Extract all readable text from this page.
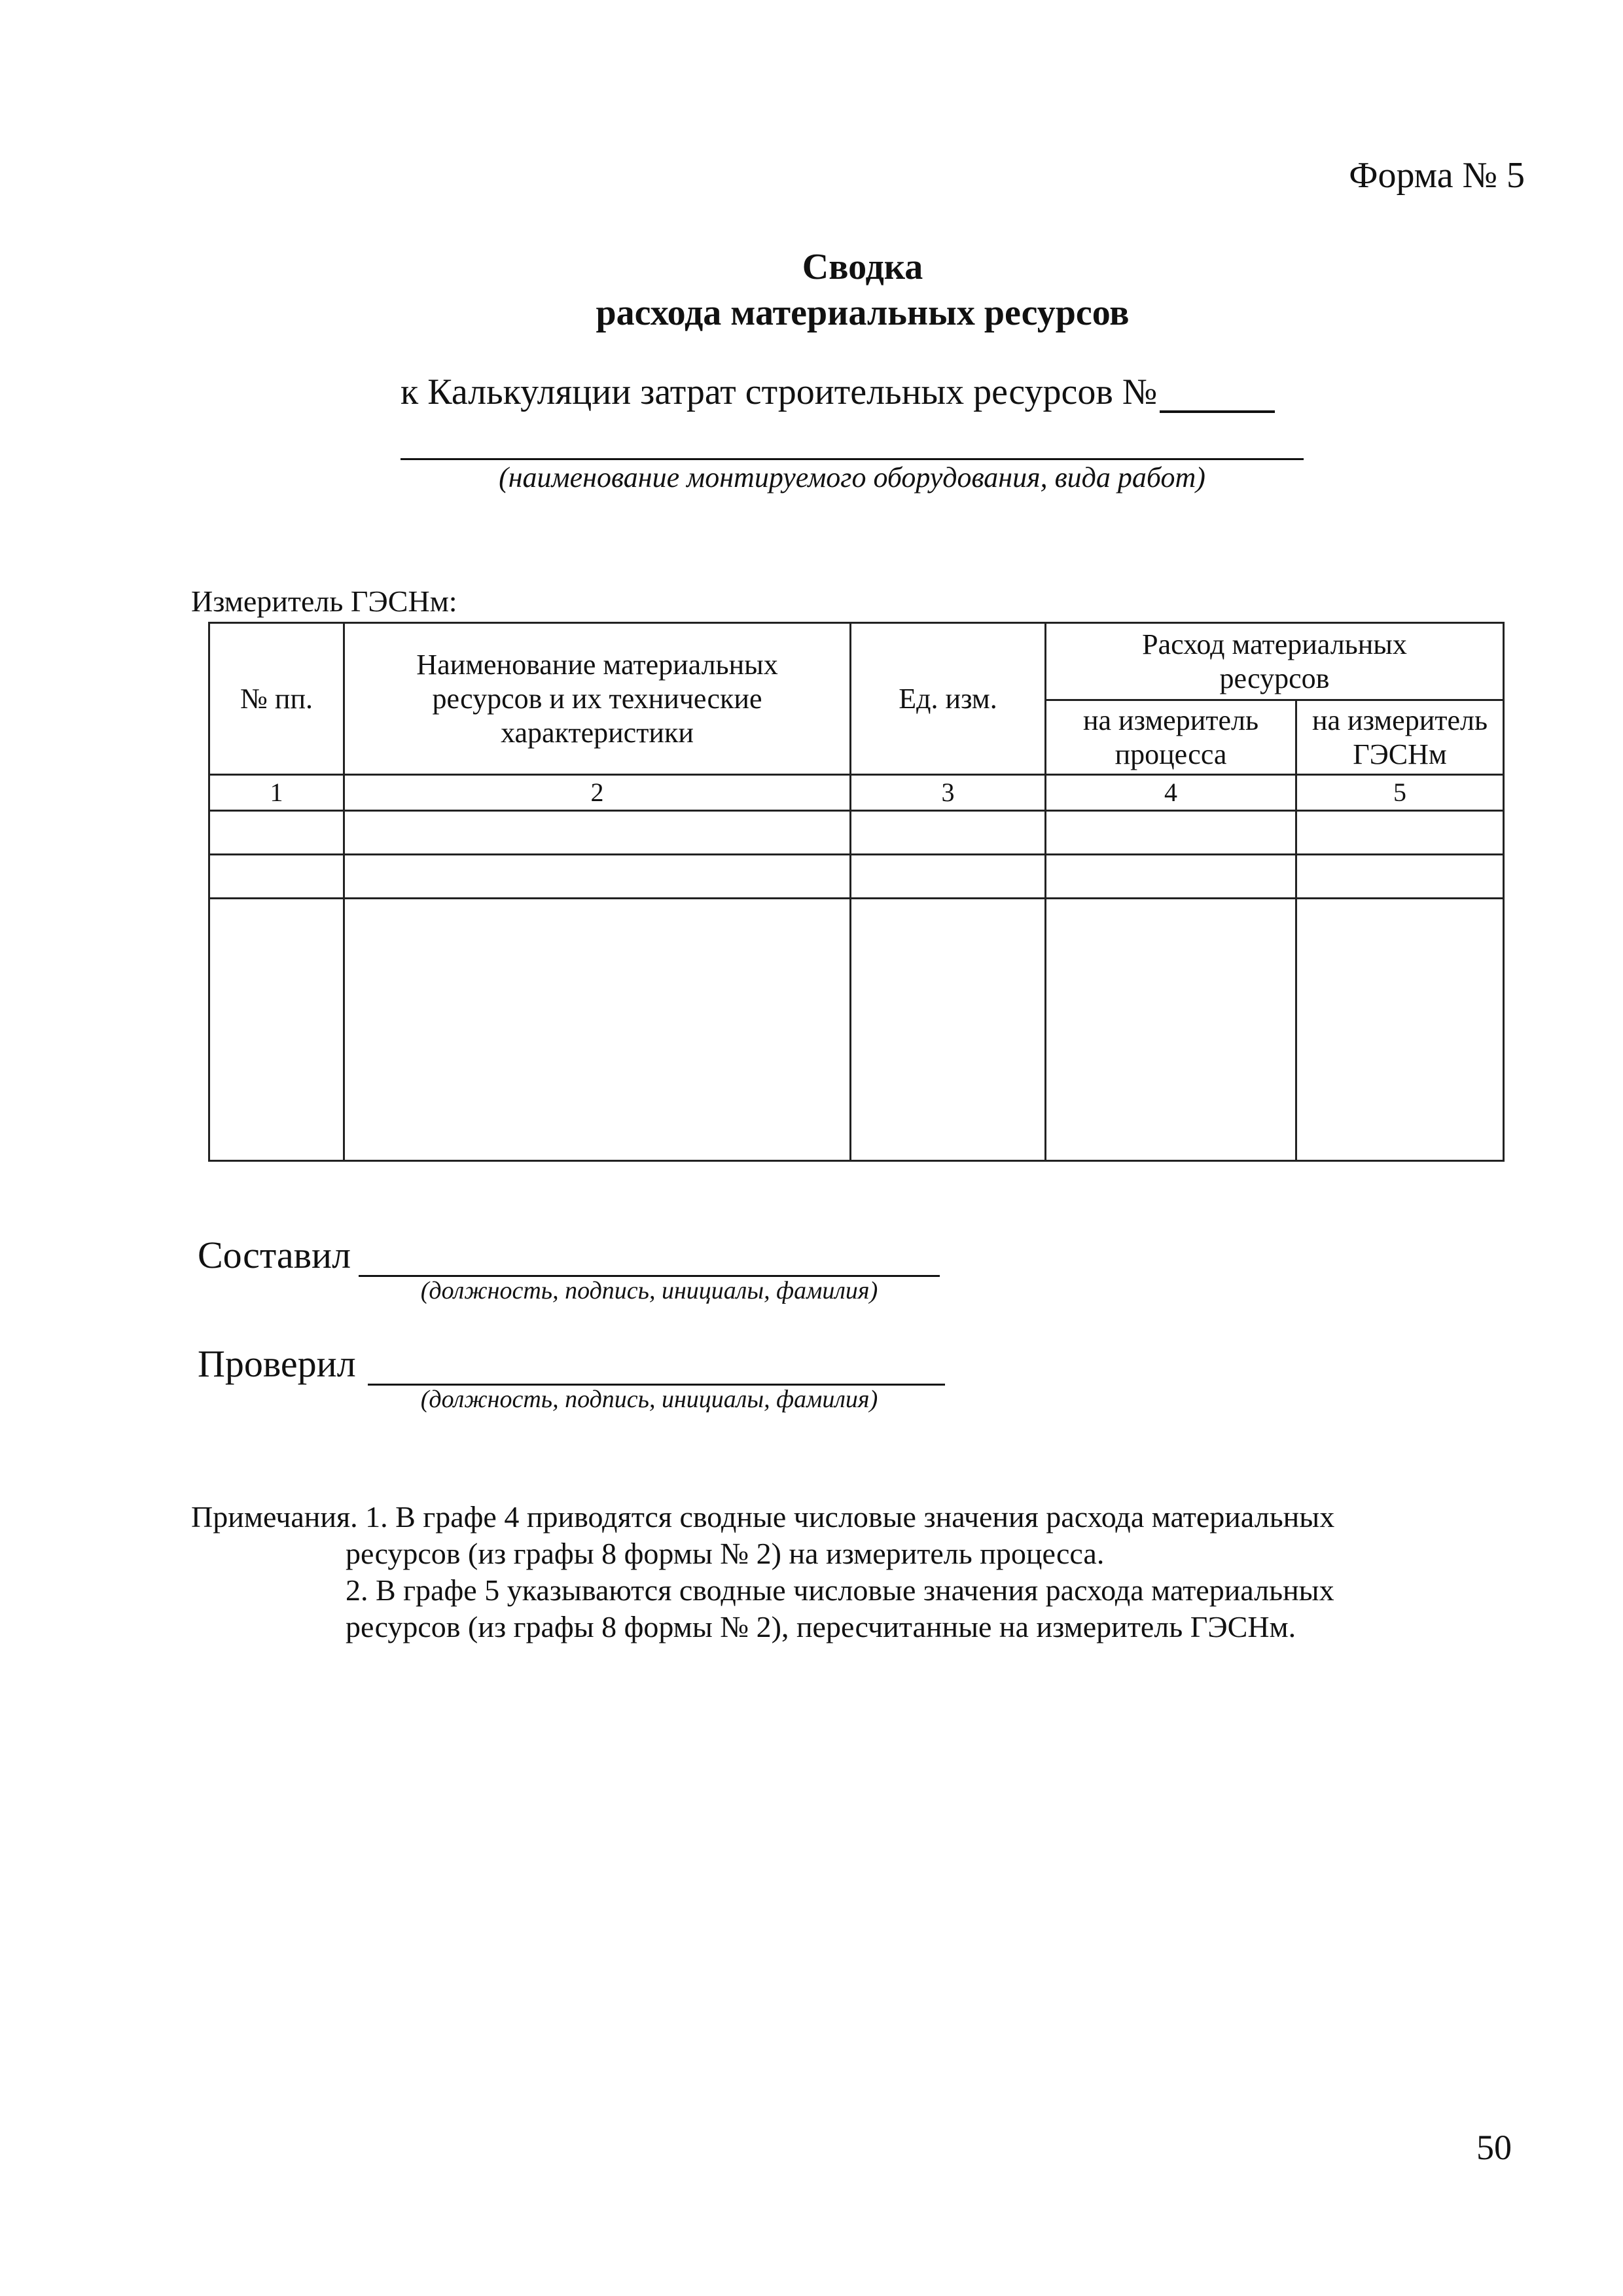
Форма № 5
Сводка
расхода материальных ресурсов
к Калькуляции затрат строительных ресурсов №
(наименование монтируемого оборудования, вида работ)
Измеритель ГЭСНм:
№ пп.	Наименование материальных ресурсов и их технические характеристики	Ед. изм.	Расход материальных ресурсов	
			на измеритель процесса	на измеритель ГЭСНм
1	2	3	4	5

Составил
(должность, подпись, инициалы, фамилия)
Проверил
(должность, подпись, инициалы, фамилия)

Примечания. 1. В графе 4 приводятся сводные числовые значения расхода материальных

ресурсов (из графы 8 формы № 2) на измеритель процесса.

2. В графе 5 указываются сводные числовые значения расхода материальных

ресурсов (из графы 8 формы № 2), пересчитанные на измеритель ГЭСНм.

50
